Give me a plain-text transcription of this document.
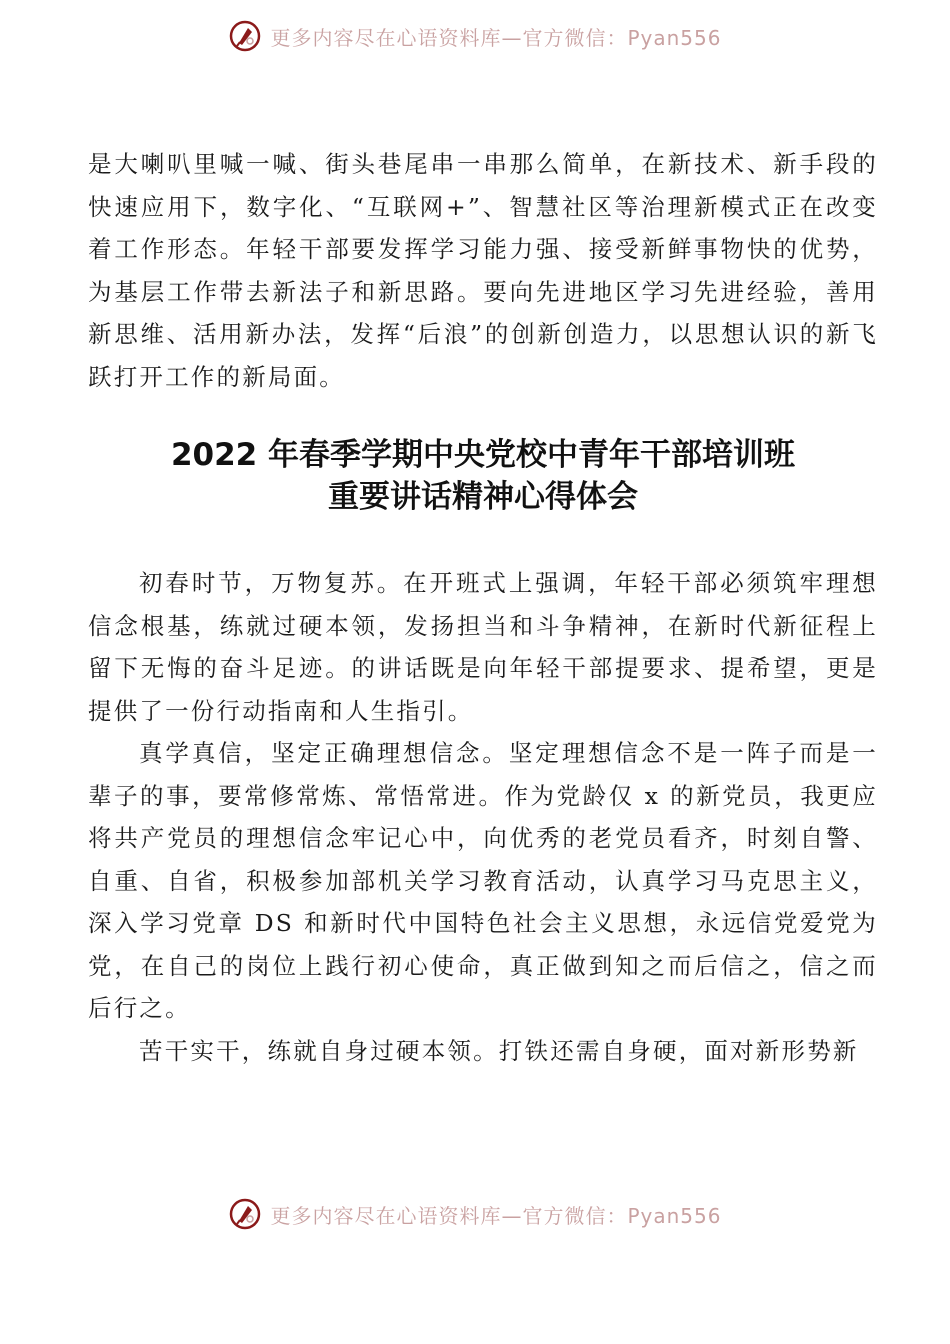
更多内容尽在心语资料库—官方微信：Pyan556

是大喇叭里喊一喊、街头巷尾串一串那么简单，在新技术、新手段的快速应用下，数字化、“互联网+”、智慧社区等治理新模式正在改变着工作形态。年轻干部要发挥学习能力强、接受新鲜事物快的优势，为基层工作带去新法子和新思路。要向先进地区学习先进经验，善用新思维、活用新办法，发挥“后浪”的创新创造力，以思想认识的新飞跃打开工作的新局面。

2022 年春季学期中央党校中青年干部培训班
重要讲话精神心得体会

初春时节，万物复苏。在开班式上强调，年轻干部必须筑牢理想信念根基，练就过硬本领，发扬担当和斗争精神，在新时代新征程上留下无悔的奋斗足迹。的讲话既是向年轻干部提要求、提希望，更是提供了一份行动指南和人生指引。

真学真信，坚定正确理想信念。坚定理想信念不是一阵子而是一辈子的事，要常修常炼、常悟常进。作为党龄仅 x 的新党员，我更应将共产党员的理想信念牢记心中，向优秀的老党员看齐，时刻自警、自重、自省，积极参加部机关学习教育活动，认真学习马克思主义，深入学习党章 DS 和新时代中国特色社会主义思想，永远信党爱党为党，在自己的岗位上践行初心使命，真正做到知之而后信之，信之而后行之。

苦干实干，练就自身过硬本领。打铁还需自身硬，面对新形势新

更多内容尽在心语资料库—官方微信：Pyan556
